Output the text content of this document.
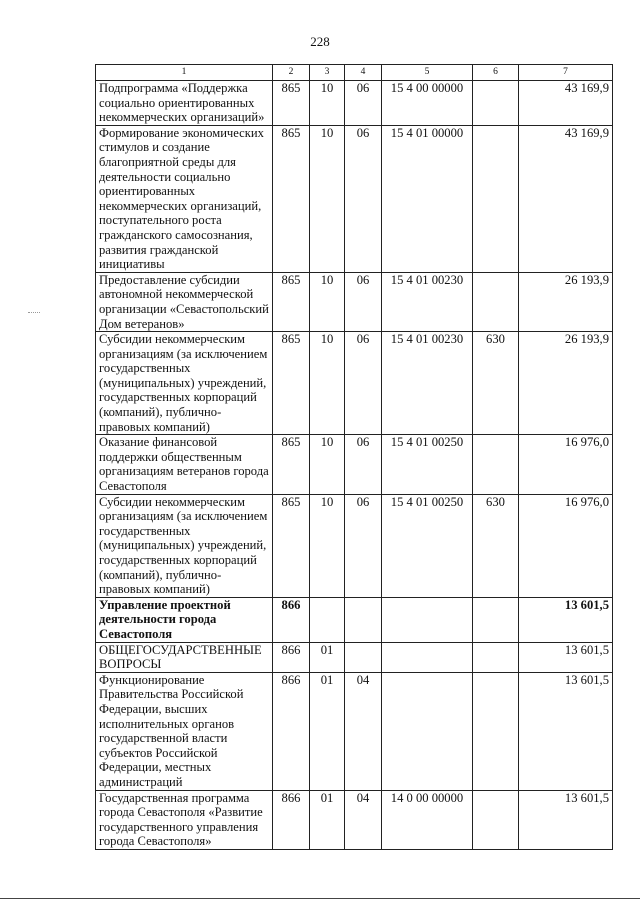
228
1	2	3	4	5	6	7
Подпрограмма «Поддержка социально ориентированных некоммерческих организаций»	865	10	06	15 4 00 00000		43 169,9
Формирование экономических стимулов и создание благоприятной среды для деятельности социально ориентированных некоммерческих организаций, поступательного роста гражданского самосознания, развития гражданской инициативы	865	10	06	15 4 01 00000		43 169,9
Предоставление субсидии автономной некоммерческой организации «Севастопольский Дом ветеранов»	865	10	06	15 4 01 00230		26 193,9
Субсидии некоммерческим организациям (за исключением государственных (муниципальных) учреждений, государственных корпораций (компаний), публично-правовых компаний)	865	10	06	15 4 01 00230	630	26 193,9
Оказание финансовой поддержки общественным организациям ветеранов города Севастополя	865	10	06	15 4 01 00250		16 976,0
Субсидии некоммерческим организациям (за исключением государственных (муниципальных) учреждений, государственных корпораций (компаний), публично-правовых компаний)	865	10	06	15 4 01 00250	630	16 976,0
Управление проектной деятельности города Севастополя	866					13 601,5
ОБЩЕГОСУДАРСТВЕННЫЕ ВОПРОСЫ	866	01				13 601,5
Функционирование Правительства Российской Федерации, высших исполнительных органов государственной власти субъектов Российской Федерации, местных администраций	866	01	04			13 601,5
Государственная программа города Севастополя «Развитие государственного управления города Севастополя»	866	01	04	14 0 00 00000		13 601,5
